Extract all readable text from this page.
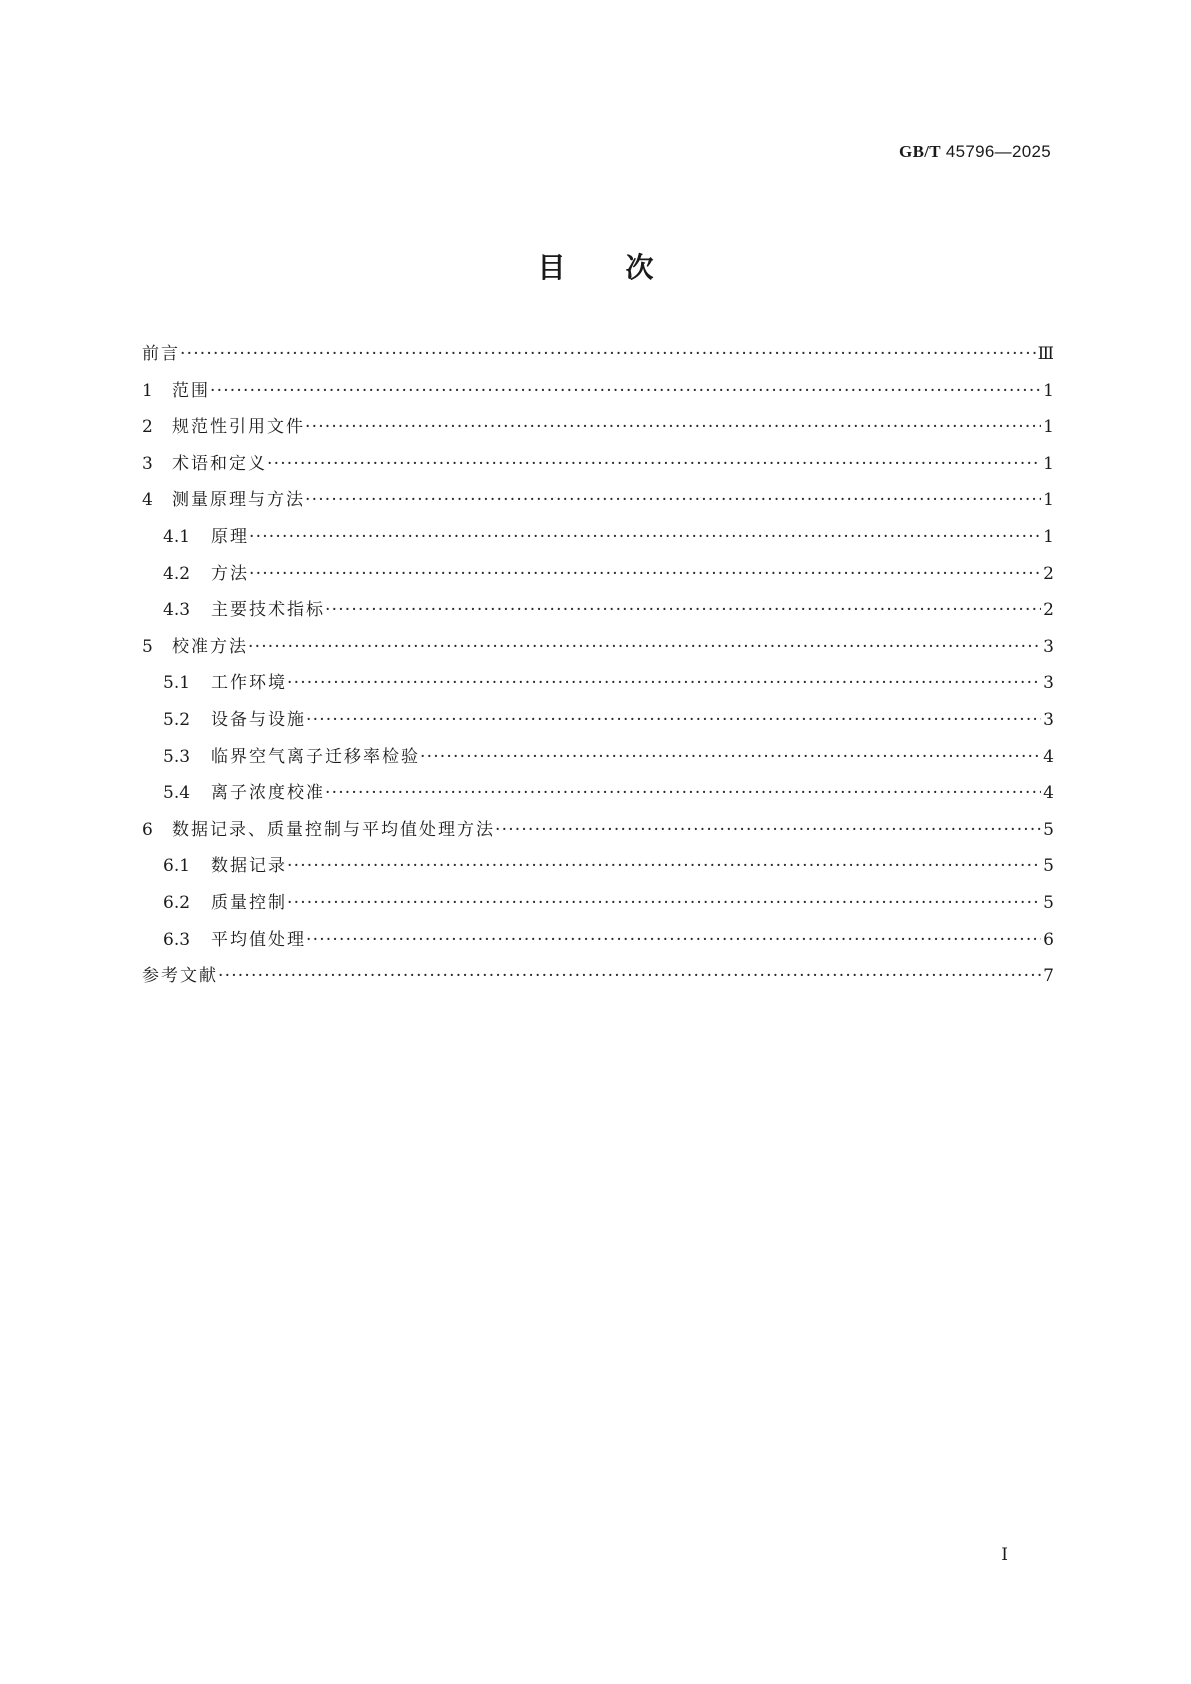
GB/T 45796—2025
目次
前言 ·····	Ⅲ
1	范围 ·····	1
2	规范性引用文件 ·····	1
3	术语和定义 ·····	1
4	测量原理与方法 ·····	1
4.1	原理 ·····	1
4.2	方法 ·····	2
4.3	主要技术指标 ·····	2
5	校准方法 ·····	3
5.1	工作环境 ·····	3
5.2	设备与设施 ·····	3
5.3	临界空气离子迁移率检验 ·····	4
5.4	离子浓度校准 ·····	4
6	数据记录、质量控制与平均值处理方法 ·····	5
6.1	数据记录 ·····	5
6.2	质量控制 ·····	5
6.3	平均值处理 ·····	6
参考文献 ·····	7
Ⅰ
